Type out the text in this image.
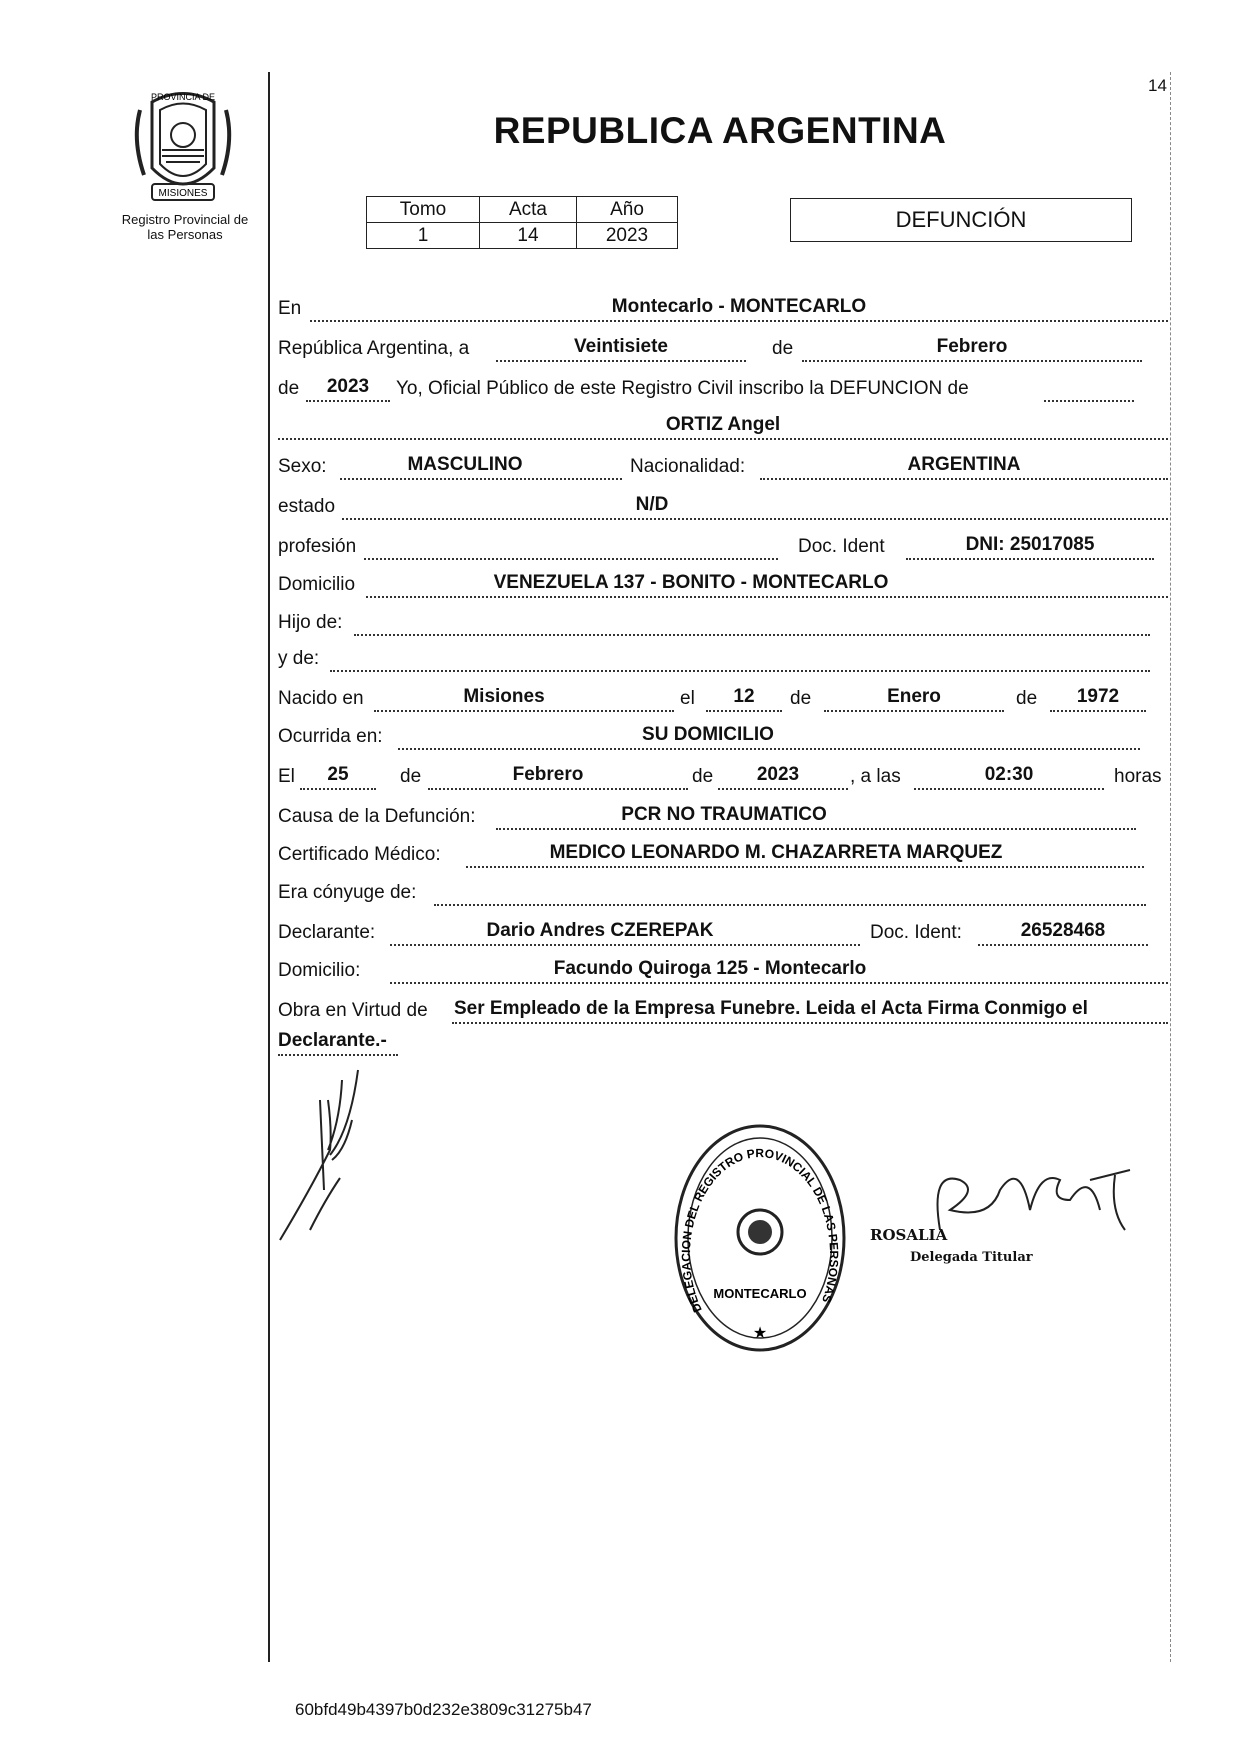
PROVINCIA DE
MISIONES
Registro Provincial de
las Personas
14
REPUBLICA ARGENTINA
Tomo	Acta	Año
1	14	2023
DEFUNCIÓN
En	Montecarlo - MONTECARLO
República Argentina, a	Veintisiete	de	Febrero
de	2023	Yo, Oficial Público de este Registro Civil inscribo la DEFUNCION de
ORTIZ Angel
Sexo:	MASCULINO	Nacionalidad:	ARGENTINA
estado	N/D
profesión	Doc. Ident	DNI: 25017085
Domicilio	VENEZUELA 137 - BONITO - MONTECARLO
Hijo de:
y de:
Nacido en	Misiones	el	12	de	Enero	de	1972
Ocurrida en:	SU DOMICILIO
El	25	de	Febrero	de	2023	, a las	02:30	horas
Causa de la Defunción:	PCR NO TRAUMATICO
Certificado Médico:	MEDICO LEONARDO M. CHAZARRETA MARQUEZ
Era cónyuge de:
Declarante:	Dario Andres CZEREPAK	Doc. Ident:	26528468
Domicilio:	Facundo Quiroga 125 - Montecarlo
Obra en Virtud de Ser Empleado de la Empresa Funebre. Leida el Acta Firma Conmigo el
Declarante.-
DELEGACION DEL REGISTRO PROVINCIAL DE LAS PERSONAS
MONTECARLO
★
ROSALIA
Delegada Titular
60bfd49b4397b0d232e3809c31275b47
